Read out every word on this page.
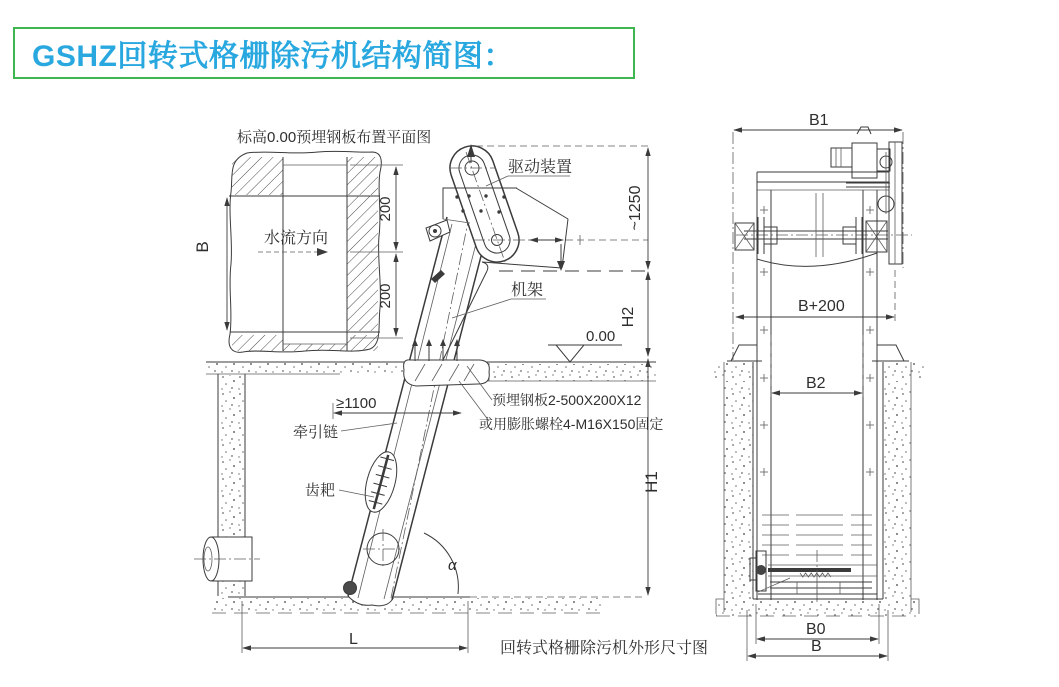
GSHZ回转式格栅除污机结构简图：
标高0.00预埋钢板布置平面图
水流方向
B
200
200
0.00
~1250
H2
H1
≥1100
驱动装置
机架
牵引链
齿耙
预埋钢板2-500X200X12
或用膨胀螺栓4-M16X150固定
L
α
回转式格栅除污机外形尺寸图
B1
B+200
B2
B0
B
